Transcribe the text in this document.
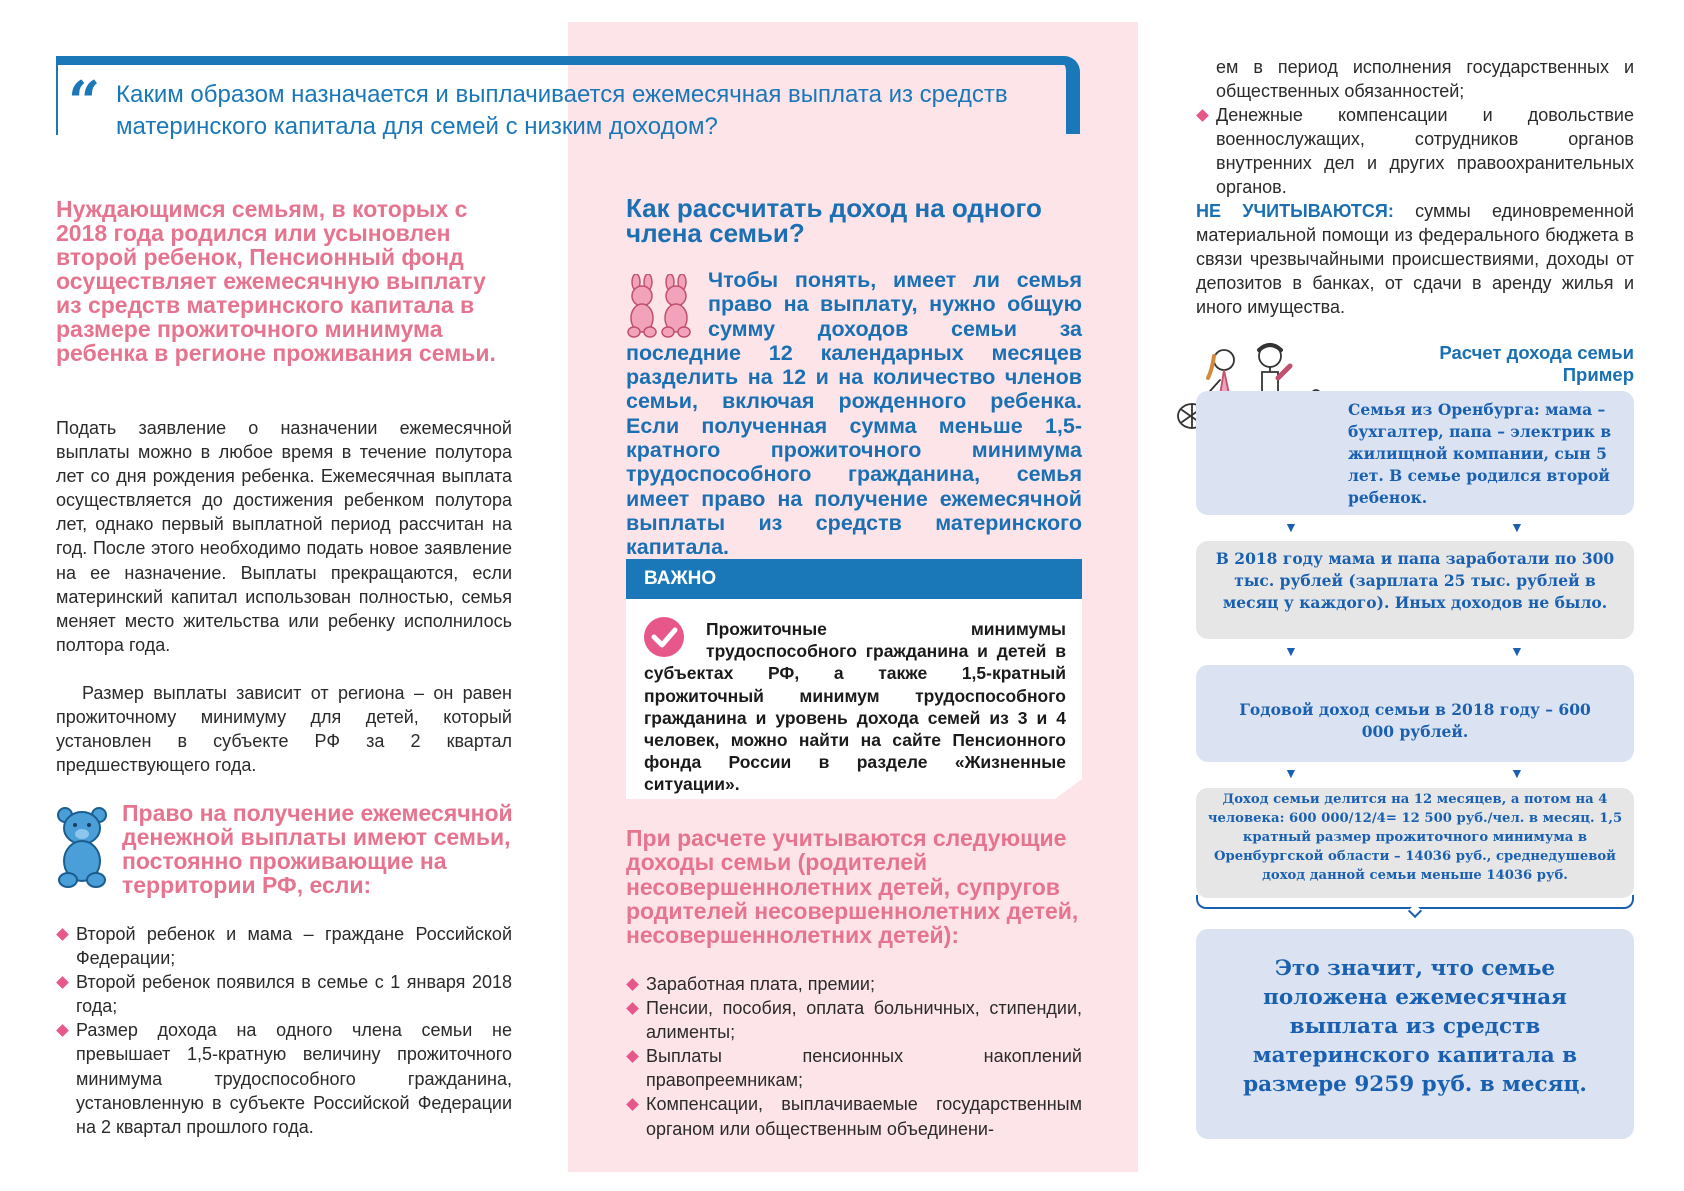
“ Каким образом назначается и выплачивается ежемесячная выплата из средств материнского капитала для семей с низким доходом?
Нуждающимся семьям, в которых с 2018 года родился или усыновлен второй ребенок, Пенсионный фонд осуществляет ежемесячную выплату из средств материнского капитала в размере прожиточного минимума ребенка в регионе проживания семьи.
Подать заявление о назначении ежемесячной выплаты можно в любое время в течение полутора лет со дня рождения ребенка. Ежемесячная выплата осуществляется до достижения ребенком полутора лет, однако первый выплатной период рассчитан на год. После этого необходимо подать новое заявление на ее назначение. Выплаты прекращаются, если материнский капитал использован полностью, семья меняет место жительства или ребенку исполнилось полтора года.
Размер выплаты зависит от региона – он равен прожиточному минимуму для детей, который установлен в субъекте РФ за 2 квартал предшествующего года.
Право на получение ежемесячной денежной выплаты имеют семьи, постоянно проживающие на территории РФ, если:
Второй ребенок и мама – граждане Российской Федерации;
Второй ребенок появился в семье с 1 января 2018 года;
Размер дохода на одного члена семьи не превышает 1,5-кратную величину прожиточного минимума трудоспособного гражданина, установленную в субъекте Российской Федерации на 2 квартал прошлого года.
Как рассчитать доход на одного члена семьи?
Чтобы понять, имеет ли семья право на выплату, нужно общую сумму доходов семьи за последние 12 календарных месяцев разделить на 12 и на количество членов семьи, включая рожденного ребенка. Если полученная сумма меньше 1,5-кратного прожиточного минимума трудоспособного гражданина, семья имеет право на получение ежемесячной выплаты из средств материнского капитала.
ВАЖНО
Прожиточные минимумы трудоспособного гражданина и детей в субъектах РФ, а также 1,5-кратный прожиточный минимум трудоспособного гражданина и уровень дохода семей из 3 и 4 человек, можно найти на сайте Пенсионного фонда России в разделе «Жизненные ситуации».
При расчете учитываются следующие доходы семьи (родителей несовершеннолетних детей, супругов родителей несовершеннолетних детей, несовершеннолетних детей):
Заработная плата, премии;
Пенсии, пособия, оплата больничных, стипендии, алименты;
Выплаты пенсионных накоплений правопреемникам;
Компенсации, выплачиваемые государственным органом или общественным объединени-
ем в период исполнения государственных и общественных обязанностей;
Денежные компенсации и довольствие военнослужащих, сотрудников органов внутренних дел и других правоохранительных органов.
НЕ УЧИТЫВАЮТСЯ: суммы единовременной материальной помощи из федерального бюджета в связи чрезвычайными происшествиями, доходы от депозитов в банках, от сдачи в аренду жилья и иного имущества.
Расчет дохода семьи
Пример
Семья из Оренбурга: мама – бухгалтер, папа – электрик в жилищной компании, сын 5 лет. В семье родился второй ребенок.
▼	▼
В 2018 году мама и папа заработали по 300 тыс. рублей (зарплата 25 тыс. рублей в месяц у каждого). Иных доходов не было.
▼	▼
Годовой доход семьи в 2018 году – 600 000 рублей.
▼	▼
Доход семьи делится на 12 месяцев, а потом на 4 человека: 600 000/12/4= 12 500 руб./чел. в месяц. 1,5 кратный размер прожиточного минимума в Оренбургской области – 14036 руб., среднедушевой доход данной семьи меньше 14036 руб.
Это значит, что семье положена ежемесячная выплата из средств материнского капитала в размере 9259 руб. в месяц.
